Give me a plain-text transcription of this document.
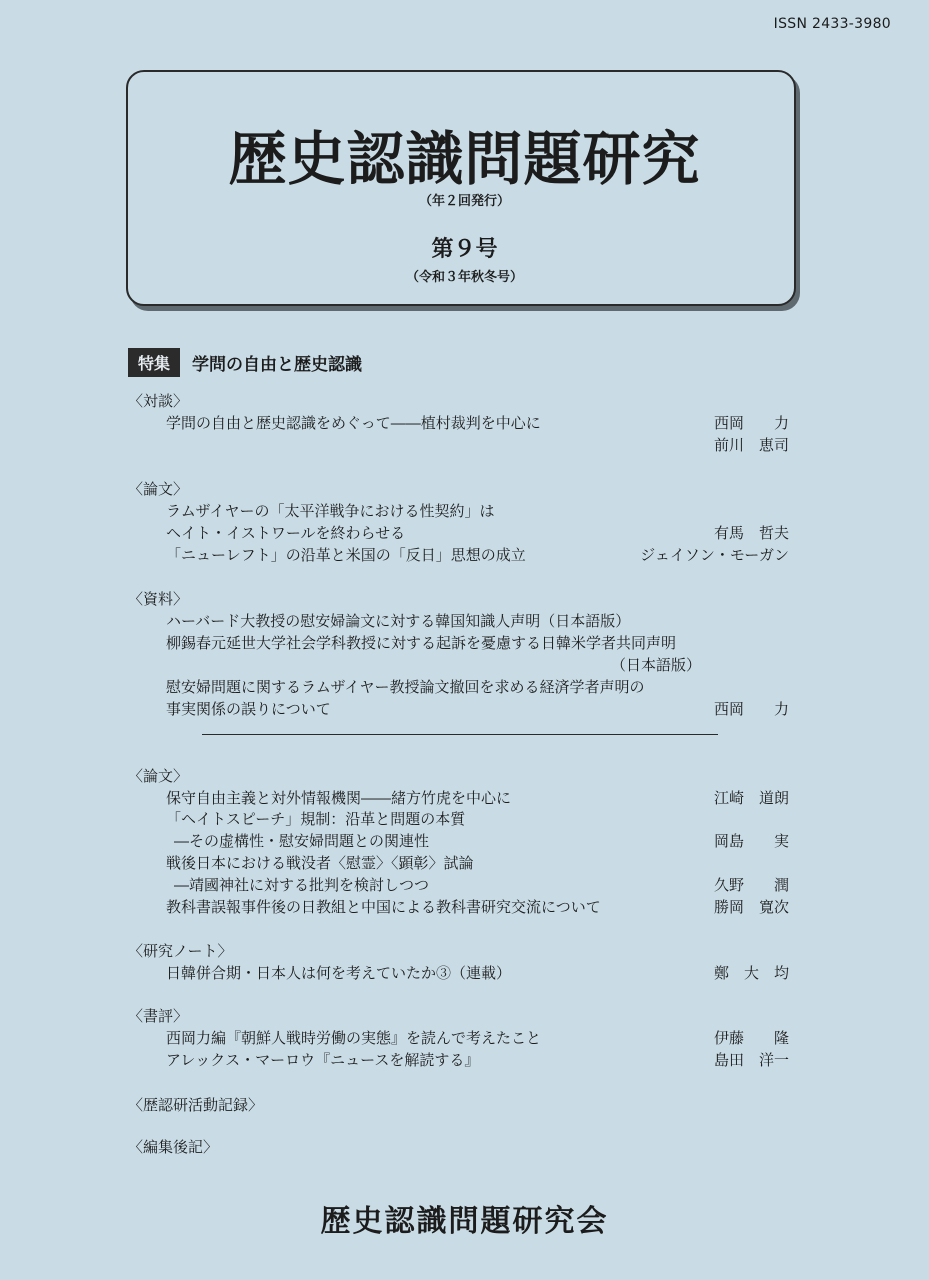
ISSN 2433-3980
歴史認識問題研究
（年２回発行）
第９号
（令和３年秋冬号）
特集	学問の自由と歴史認識
〈対談〉
学問の自由と歴史認識をめぐって――植村裁判を中心に	西岡　　力
前川　恵司
〈論文〉
ラムザイヤーの「太平洋戦争における性契約」は
ヘイト・イストワールを終わらせる	有馬　哲夫
「ニューレフト」の沿革と米国の「反日」思想の成立	ジェイソン・モーガン
〈資料〉
ハーバード大教授の慰安婦論文に対する韓国知識人声明（日本語版）
柳錫春元延世大学社会学科教授に対する起訴を憂慮する日韓米学者共同声明
（日本語版）
慰安婦問題に関するラムザイヤー教授論文撤回を求める経済学者声明の
事実関係の誤りについて	西岡　　力
〈論文〉
保守自由主義と対外情報機関――緒方竹虎を中心に	江崎　道朗
「ヘイトスピーチ」規制：沿革と問題の本質
―その虚構性・慰安婦問題との関連性	岡島　　実
戦後日本における戦没者〈慰霊〉〈顕彰〉試論
―靖國神社に対する批判を検討しつつ	久野　　潤
教科書誤報事件後の日教組と中国による教科書研究交流について	勝岡　寛次
〈研究ノート〉
日韓併合期・日本人は何を考えていたか③（連載）	鄭　大　均
〈書評〉
西岡力編『朝鮮人戦時労働の実態』を読んで考えたこと	伊藤　　隆
アレックス・マーロウ『ニュースを解読する』	島田　洋一
〈歴認研活動記録〉
〈編集後記〉
歴史認識問題研究会
